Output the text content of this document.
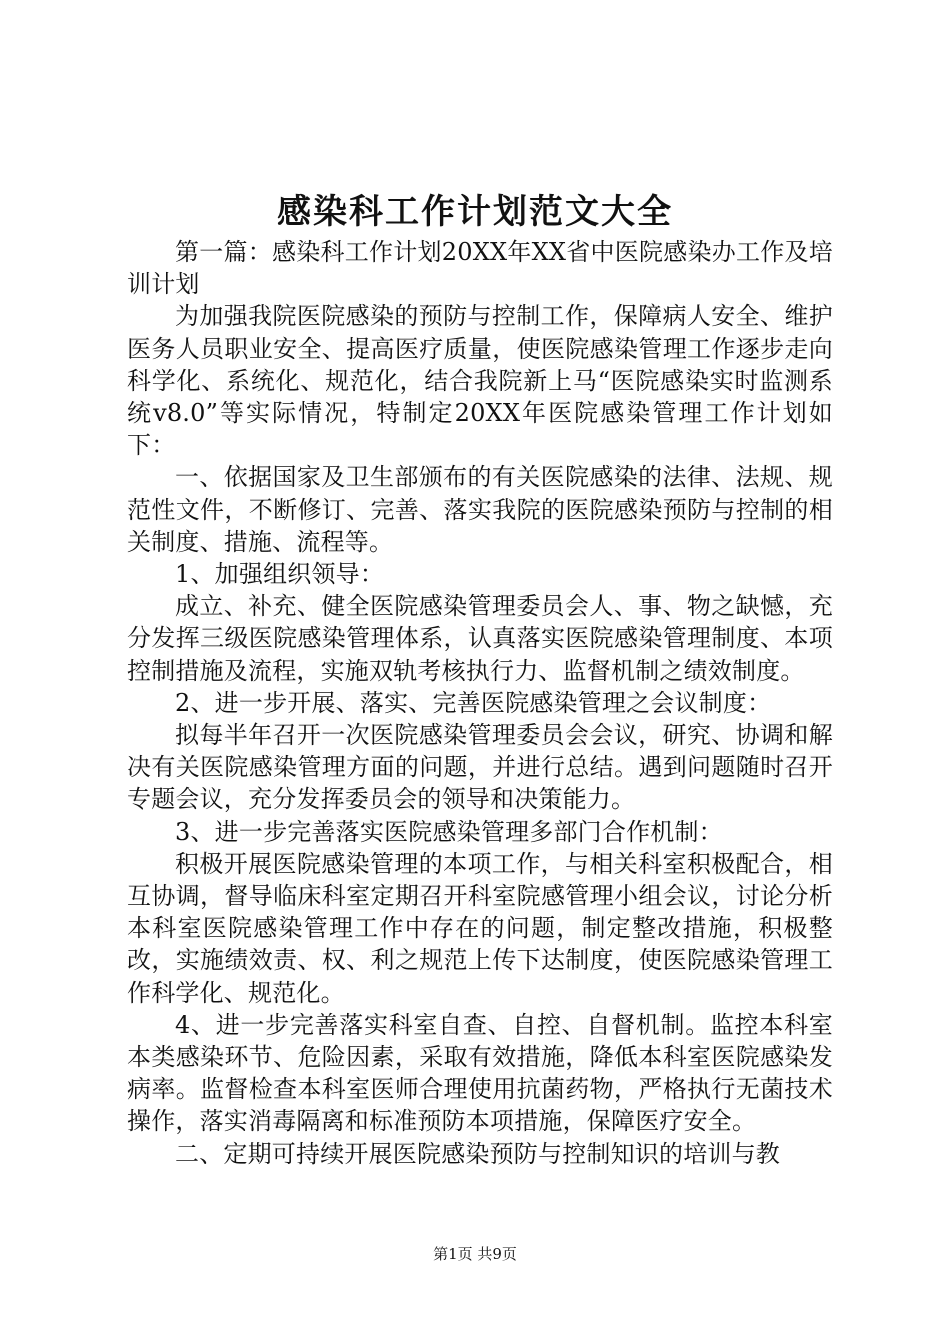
感染科工作计划范文大全

第一篇：感染科工作计划20XX年XX省中医院感染办工作及培训计划

为加强我院医院感染的预防与控制工作，保障病人安全、维护医务人员职业安全、提高医疗质量，使医院感染管理工作逐步走向科学化、系统化、规范化，结合我院新上马“医院感染实时监测系统v8.0”等实际情况，特制定20XX年医院感染管理工作计划如下：

一、依据国家及卫生部颁布的有关医院感染的法律、法规、规范性文件，不断修订、完善、落实我院的医院感染预防与控制的相关制度、措施、流程等。

1、加强组织领导：

成立、补充、健全医院感染管理委员会人、事、物之缺憾，充分发挥三级医院感染管理体系，认真落实医院感染管理制度、本项控制措施及流程，实施双轨考核执行力、监督机制之绩效制度。

2、进一步开展、落实、完善医院感染管理之会议制度：

拟每半年召开一次医院感染管理委员会会议，研究、协调和解决有关医院感染管理方面的问题，并进行总结。遇到问题随时召开专题会议，充分发挥委员会的领导和决策能力。

3、进一步完善落实医院感染管理多部门合作机制：

积极开展医院感染管理的本项工作，与相关科室积极配合，相互协调，督导临床科室定期召开科室院感管理小组会议，讨论分析本科室医院感染管理工作中存在的问题，制定整改措施，积极整改，实施绩效责、权、利之规范上传下达制度，使医院感染管理工作科学化、规范化。

4、进一步完善落实科室自查、自控、自督机制。监控本科室本类感染环节、危险因素，采取有效措施，降低本科室医院感染发病率。监督检查本科室医师合理使用抗菌药物，严格执行无菌技术操作，落实消毒隔离和标准预防本项措施，保障医疗安全。

二、定期可持续开展医院感染预防与控制知识的培训与教

第1页 共9页
